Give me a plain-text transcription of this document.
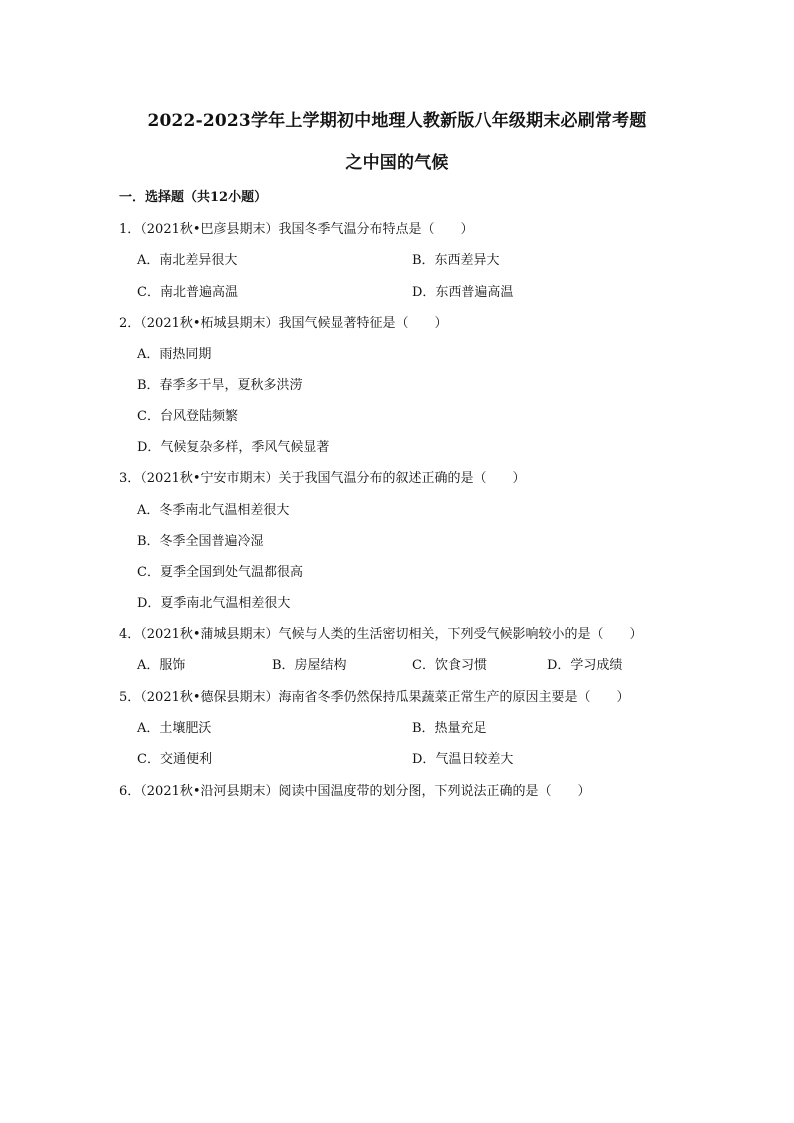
2022-2023学年上学期初中地理人教新版八年级期末必刷常考题
之中国的气候
一．选择题（共12小题）
1．（2021秋•巴彦县期末）我国冬季气温分布特点是（　　）
A．南北差异很大	B．东西差异大
C．南北普遍高温	D．东西普遍高温
2．（2021秋•柘城县期末）我国气候显著特征是（　　）
A．雨热同期
B．春季多干旱，夏秋多洪涝
C．台风登陆频繁
D．气候复杂多样，季风气候显著
3．（2021秋•宁安市期末）关于我国气温分布的叙述正确的是（　　）
A．冬季南北气温相差很大
B．冬季全国普遍冷湿
C．夏季全国到处气温都很高
D．夏季南北气温相差很大
4．（2021秋•蒲城县期末）气候与人类的生活密切相关，下列受气候影响较小的是（　　）
A．服饰	B．房屋结构	C．饮食习惯	D．学习成绩
5．（2021秋•德保县期末）海南省冬季仍然保持瓜果蔬菜正常生产的原因主要是（　　）
A．土壤肥沃	B．热量充足
C．交通便利	D．气温日较差大
6．（2021秋•沿河县期末）阅读中国温度带的划分图，下列说法正确的是（　　）
